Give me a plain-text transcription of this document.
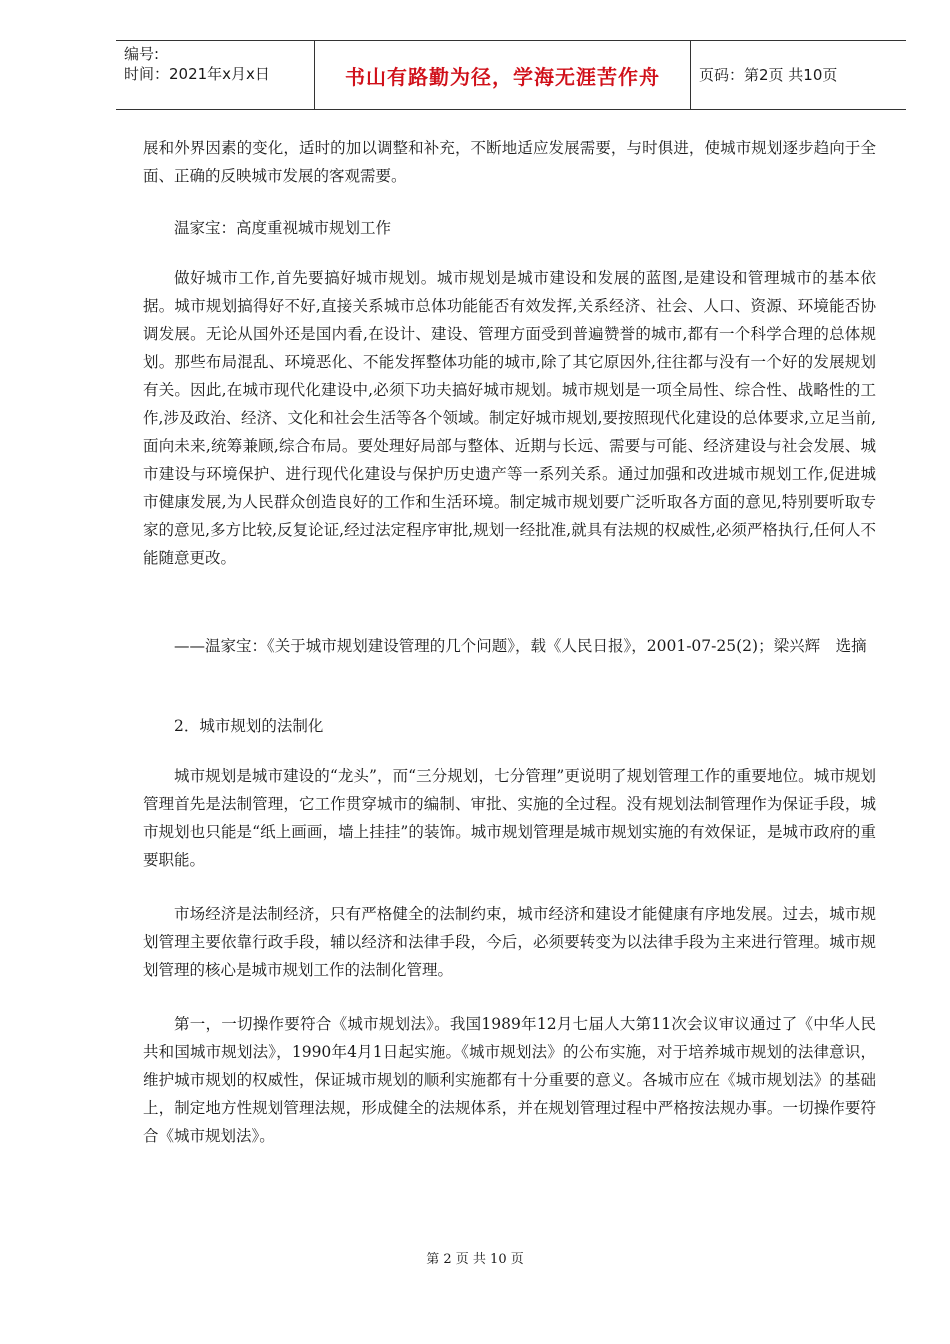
编号:
时间：2021年x月x日	书山有路勤为径，学海无涯苦作舟	页码：第2页 共10页

展和外界因素的变化，适时的加以调整和补充，不断地适应发展需要，与时俱进，使城市规划逐步趋向于全面、正确的反映城市发展的客观需要。

温家宝：高度重视城市规划工作

做好城市工作,首先要搞好城市规划。城市规划是城市建设和发展的蓝图,是建设和管理城市的基本依据。城市规划搞得好不好,直接关系城市总体功能能否有效发挥,关系经济、社会、人口、资源、环境能否协调发展。无论从国外还是国内看,在设计、建设、管理方面受到普遍赞誉的城市,都有一个科学合理的总体规划。那些布局混乱、环境恶化、不能发挥整体功能的城市,除了其它原因外,往往都与没有一个好的发展规划有关。因此,在城市现代化建设中,必须下功夫搞好城市规划。城市规划是一项全局性、综合性、战略性的工作,涉及政治、经济、文化和社会生活等各个领域。制定好城市规划,要按照现代化建设的总体要求,立足当前,面向未来,统筹兼顾,综合布局。要处理好局部与整体、近期与长远、需要与可能、经济建设与社会发展、城市建设与环境保护、进行现代化建设与保护历史遗产等一系列关系。通过加强和改进城市规划工作,促进城市健康发展,为人民群众创造良好的工作和生活环境。制定城市规划要广泛听取各方面的意见,特别要听取专家的意见,多方比较,反复论证,经过法定程序审批,规划一经批准,就具有法规的权威性,必须严格执行,任何人不能随意更改。

——温家宝：《关于城市规划建设管理的几个问题》，载《人民日报》，2001-07-25(2)；梁兴辉　选摘

2．城市规划的法制化

城市规划是城市建设的“龙头”，而“三分规划，七分管理”更说明了规划管理工作的重要地位。城市规划管理首先是法制管理，它工作贯穿城市的编制、审批、实施的全过程。没有规划法制管理作为保证手段，城市规划也只能是“纸上画画，墙上挂挂”的装饰。城市规划管理是城市规划实施的有效保证，是城市政府的重要职能。

市场经济是法制经济，只有严格健全的法制约束，城市经济和建设才能健康有序地发展。过去，城市规划管理主要依靠行政手段，辅以经济和法律手段，今后，必须要转变为以法律手段为主来进行管理。城市规划管理的核心是城市规划工作的法制化管理。

第一，一切操作要符合《城市规划法》。我国1989年12月七届人大第11次会议审议通过了《中华人民共和国城市规划法》，1990年4月1日起实施。《城市规划法》的公布实施，对于培养城市规划的法律意识，维护城市规划的权威性，保证城市规划的顺利实施都有十分重要的意义。各城市应在《城市规划法》的基础上，制定地方性规划管理法规，形成健全的法规体系，并在规划管理过程中严格按法规办事。一切操作要符合《城市规划法》。

第 2 页 共 10 页
